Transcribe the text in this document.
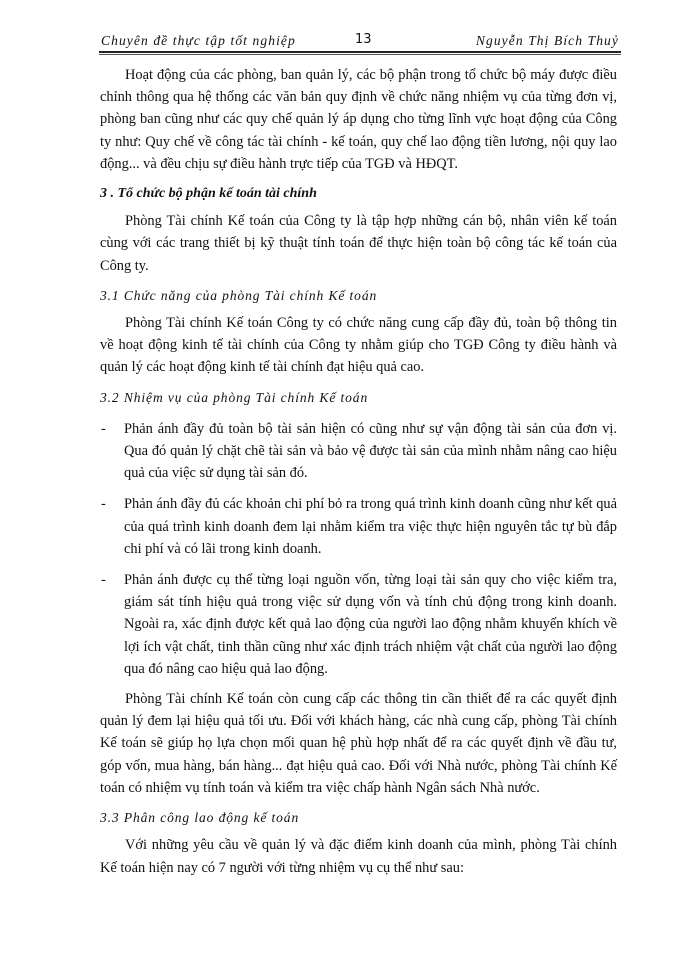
Chuyên đề thực tập tốt nghiệp	13	Nguyễn Thị Bích Thuỷ

Hoạt động của các phòng, ban quản lý, các bộ phận trong tổ chức bộ máy được điều chỉnh thông qua hệ thống các văn bản quy định về chức năng nhiệm vụ của từng đơn vị, phòng ban cũng như các quy chế quản lý áp dụng cho từng lĩnh vực hoạt động của Công ty như: Quy chế về công tác tài chính - kế toán, quy chế lao động tiền lương, nội quy lao động... và đều chịu sự điều hành trực tiếp của TGĐ và HĐQT.

3 . Tổ chức bộ phận kế toán tài chính

Phòng Tài chính Kế toán của Công ty là tập hợp những cán bộ, nhân viên kế toán cùng với các trang thiết bị kỹ thuật tính toán để thực hiện toàn bộ công tác kế toán của Công ty.

3.1 Chức năng của phòng Tài chính Kế toán

Phòng Tài chính Kế toán Công ty có chức năng cung cấp đầy đủ, toàn bộ thông tin về hoạt động kinh tế tài chính của Công ty nhằm giúp cho TGĐ Công ty điều hành và quản lý các hoạt động kinh tế tài chính đạt hiệu quả cao.

3.2 Nhiệm vụ của phòng Tài chính Kế toán
- Phản ánh đầy đủ toàn bộ tài sản hiện có cũng như sự vận động tài sản của đơn vị. Qua đó quản lý chặt chẽ tài sản và bảo vệ được tài sản của mình nhằm nâng cao hiệu quả của việc sử dụng tài sản đó.
- Phản ánh đầy đủ các khoản chi phí bỏ ra trong quá trình kinh doanh cũng như kết quả của quá trình kinh doanh đem lại nhằm kiểm tra việc thực hiện nguyên tắc tự bù đắp chi phí và có lãi trong kinh doanh.
- Phản ánh được cụ thể từng loại nguồn vốn, từng loại tài sản quy cho việc kiểm tra, giám sát tính hiệu quả trong việc sử dụng vốn và tính chủ động trong kinh doanh. Ngoài ra, xác định được kết quả lao động của người lao động nhằm khuyến khích về lợi ích vật chất, tinh thần cũng như xác định trách nhiệm vật chất của người lao động qua đó nâng cao hiệu quả lao động.

Phòng Tài chính Kế toán còn cung cấp các thông tin cần thiết để ra các quyết định quản lý đem lại hiệu quả tối ưu. Đối với khách hàng, các nhà cung cấp, phòng Tài chính Kế toán sẽ giúp họ lựa chọn mối quan hệ phù hợp nhất để ra các quyết định về đầu tư, góp vốn, mua hàng, bán hàng... đạt hiệu quả cao. Đối với Nhà nước, phòng Tài chính Kế toán có nhiệm vụ tính toán và kiểm tra việc chấp hành Ngân sách Nhà nước.

3.3 Phân công lao động kế toán

Với những yêu cầu về quản lý và đặc điểm kinh doanh của mình, phòng Tài chính Kế toán hiện nay có 7 người với từng nhiệm vụ cụ thể như sau:
